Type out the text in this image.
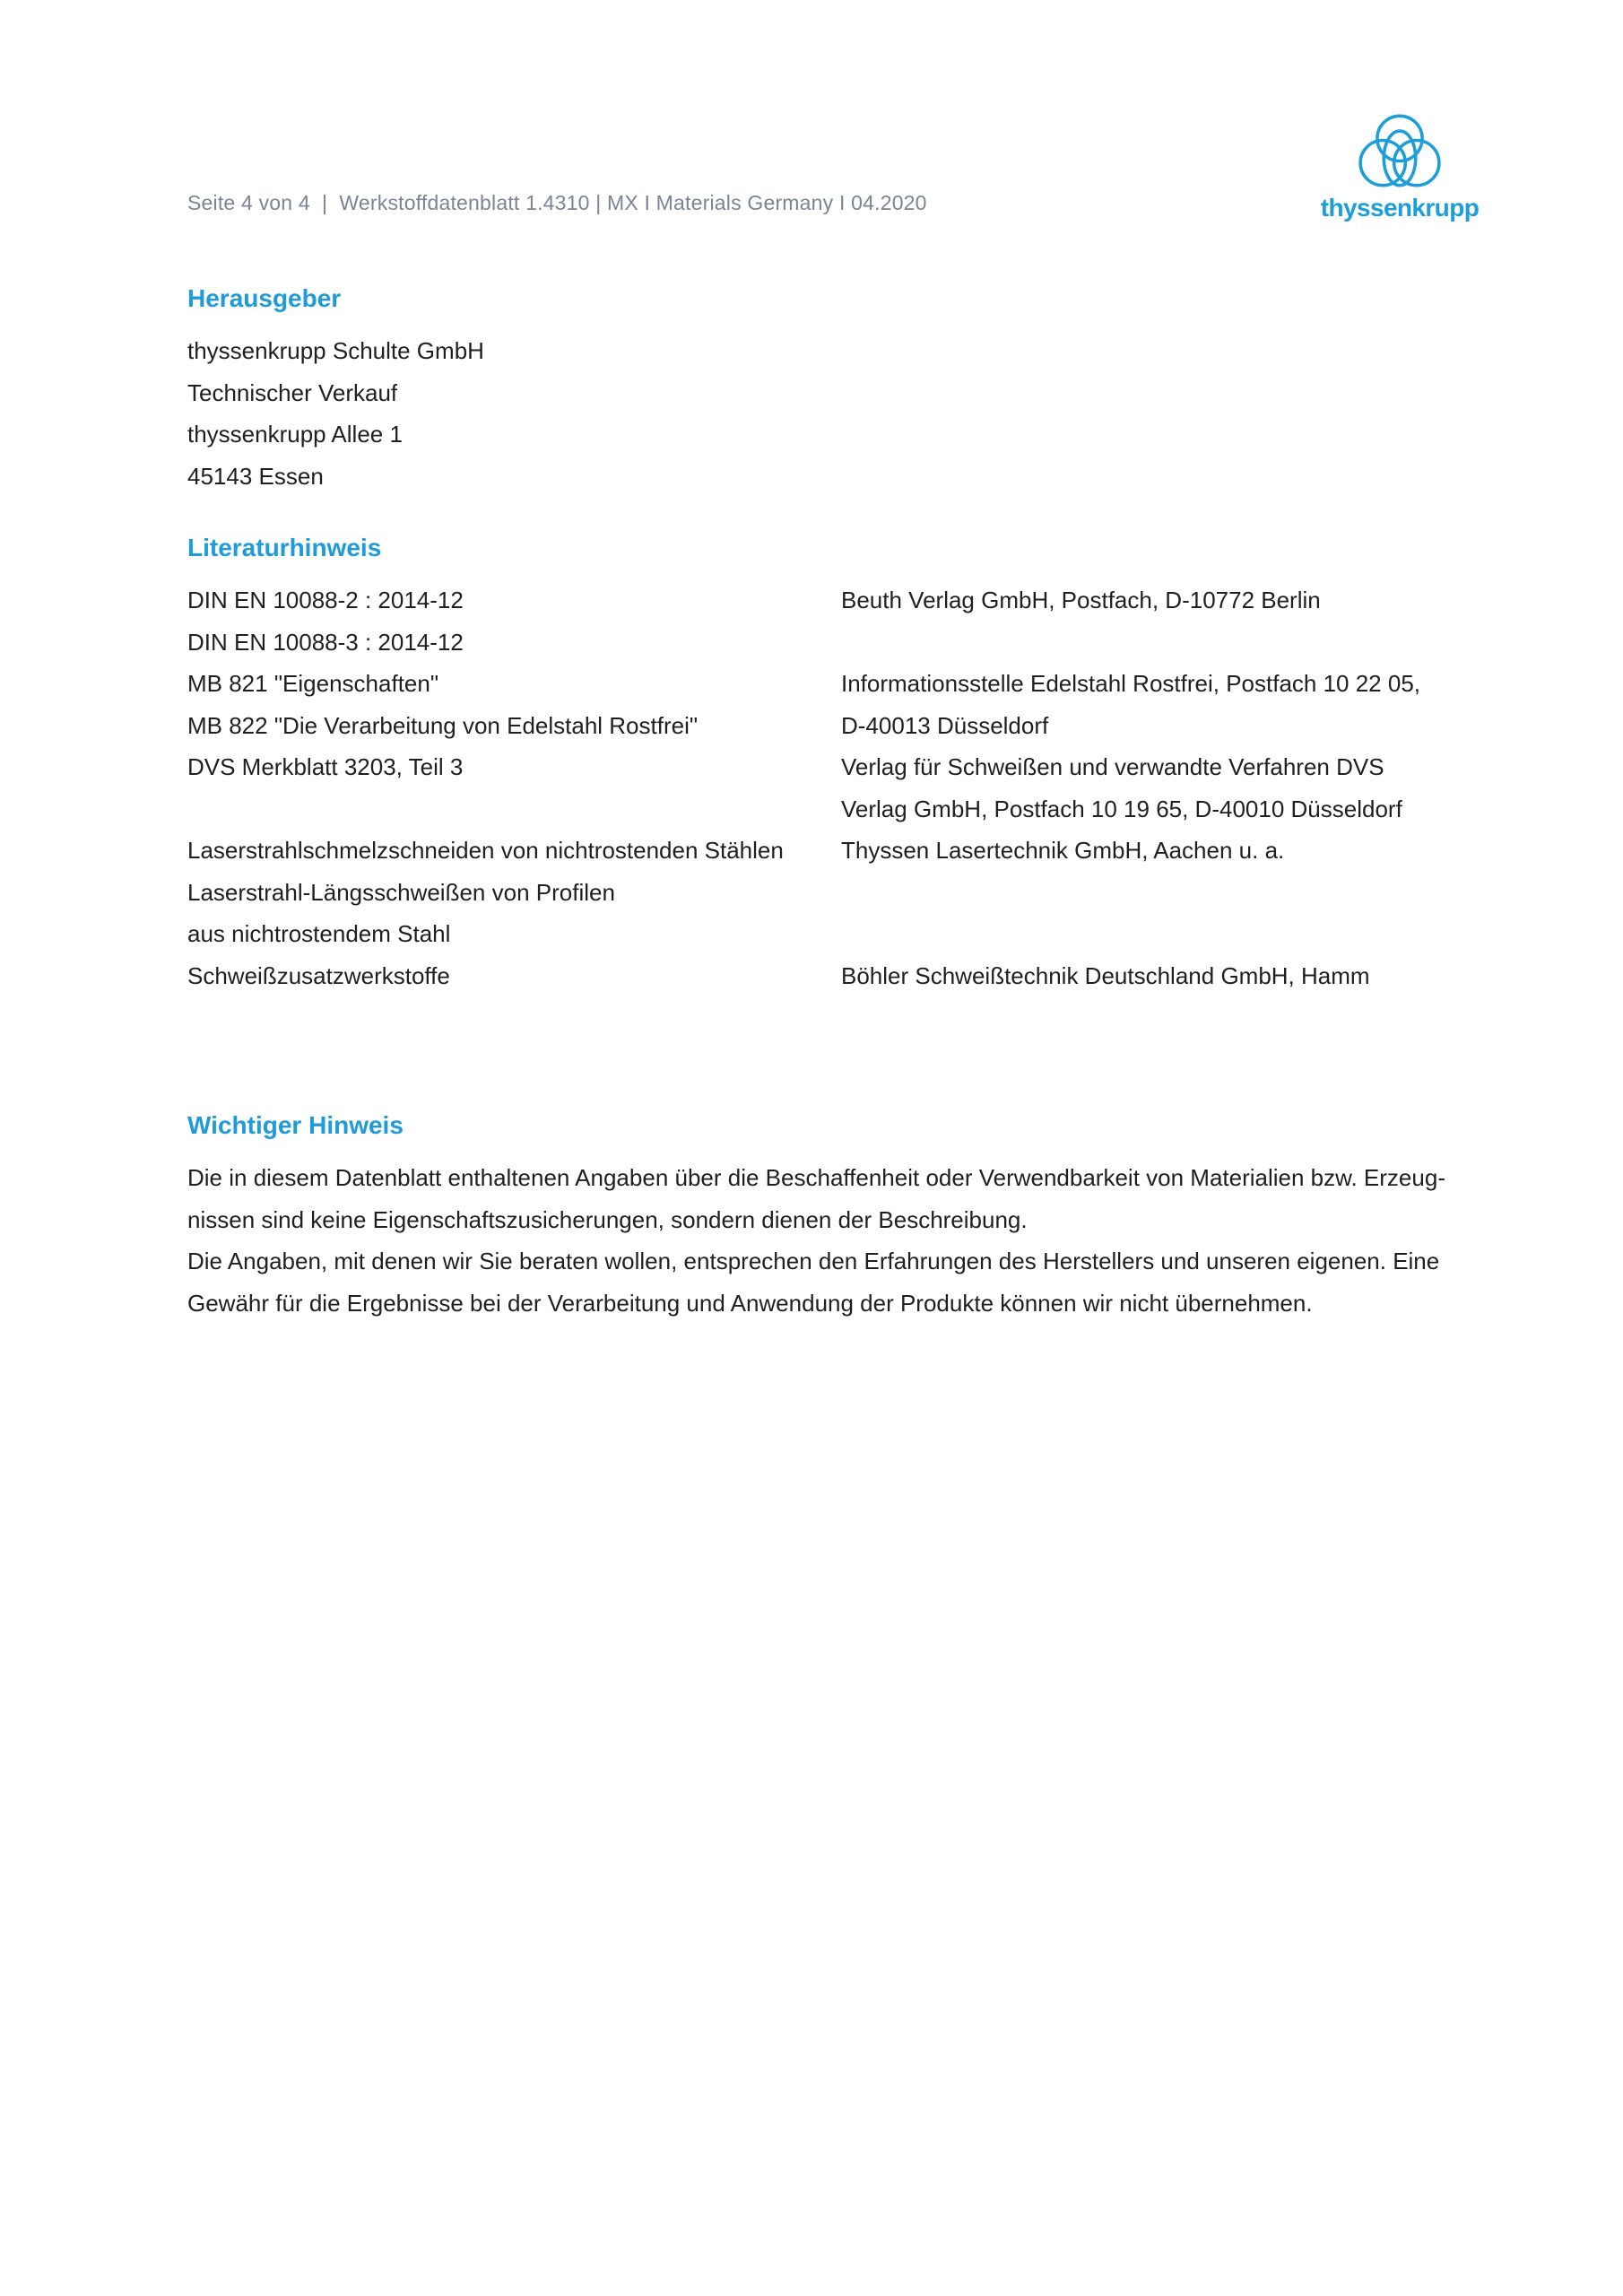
Seite 4 von 4  |  Werkstoffdatenblatt 1.4310 | MX I Materials Germany I 04.2020	thyssenkrupp
Herausgeber
thyssenkrupp Schulte GmbH
Technischer Verkauf
thyssenkrupp Allee 1
45143 Essen
Literaturhinweis
DIN EN 10088-2 : 2014-12	Beuth Verlag GmbH, Postfach, D-10772 Berlin
DIN EN 10088-3 : 2014-12
MB 821 "Eigenschaften"	Informationsstelle Edelstahl Rostfrei, Postfach 10 22 05,
MB 822 "Die Verarbeitung von Edelstahl Rostfrei"	D-40013 Düsseldorf
DVS Merkblatt 3203, Teil 3	Verlag für Schweißen und verwandte Verfahren DVS
Verlag GmbH, Postfach 10 19 65, D-40010 Düsseldorf
Laserstrahlschmelzschneiden von nichtrostenden Stählen	Thyssen Lasertechnik GmbH, Aachen u. a.
Laserstrahl-Längsschweißen von Profilen
aus nichtrostendem Stahl
Schweißzusatzwerkstoffe	Böhler Schweißtechnik Deutschland GmbH, Hamm
Wichtiger Hinweis
Die in diesem Datenblatt enthaltenen Angaben über die Beschaffenheit oder Verwendbarkeit von Materialien bzw. Erzeug-
nissen sind keine Eigenschaftszusicherungen, sondern dienen der Beschreibung.
Die Angaben, mit denen wir Sie beraten wollen, entsprechen den Erfahrungen des Herstellers und unseren eigenen. Eine
Gewähr für die Ergebnisse bei der Verarbeitung und Anwendung der Produkte können wir nicht übernehmen.
